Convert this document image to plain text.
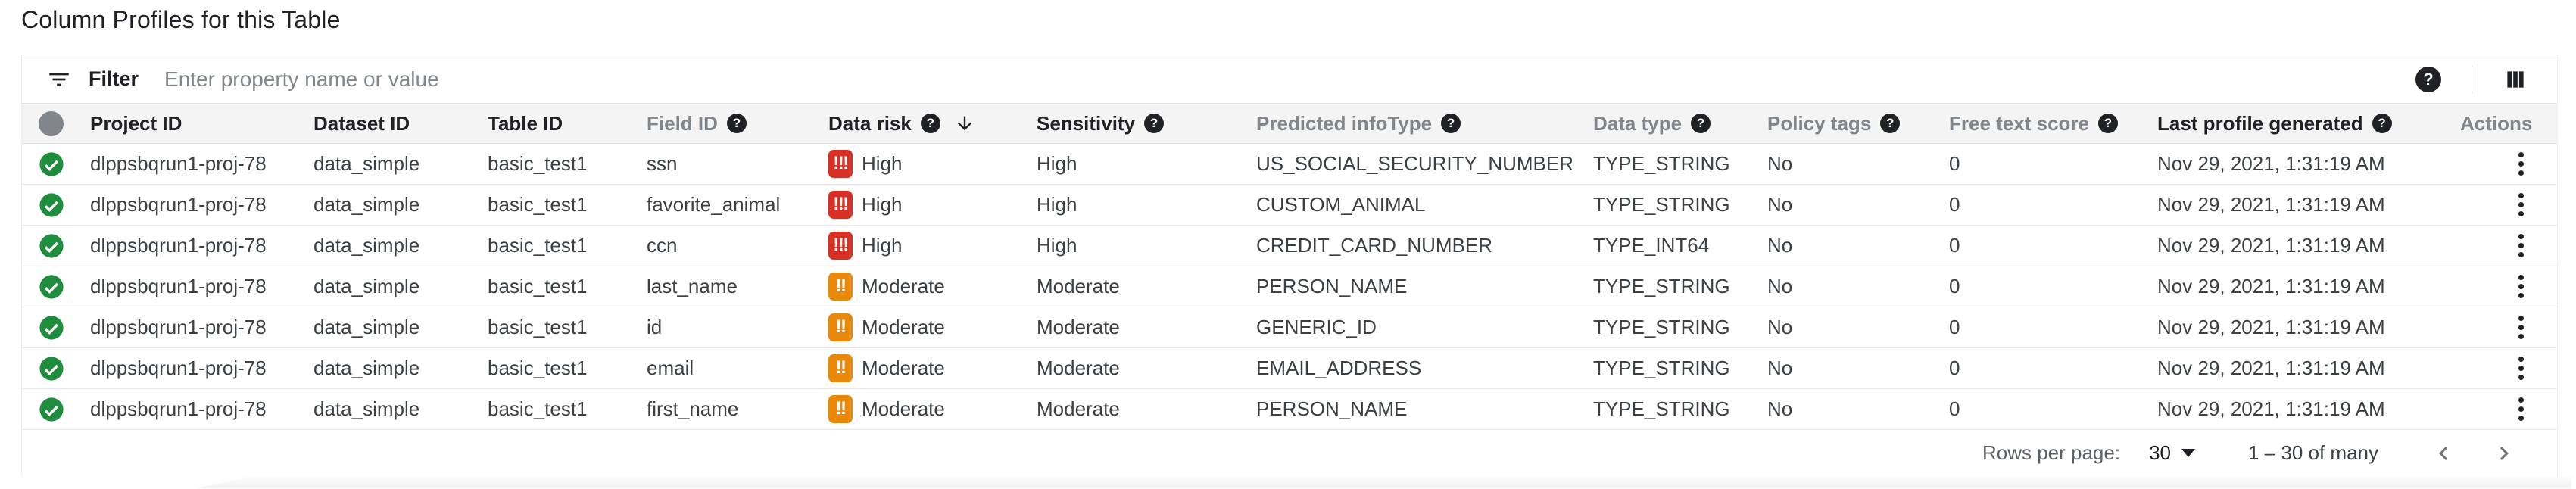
Column Profiles for this Table
Filter
Enter property name or value	?
Project ID	Dataset ID	Table ID	Field ID	?	Data risk	?	Sensitivity	?	Predicted infoType	?	Data type	?	Policy tags	?	Free text score	?	Last profile generated	?	Actions
dlppsbqrun1-proj-78	data_simple	basic_test1	ssn	!!! High	High	US_SOCIAL_SECURITY_NUMBER	TYPE_STRING	No	0	Nov 29, 2021, 1:31:19 AM
dlppsbqrun1-proj-78	data_simple	basic_test1	favorite_animal	!!! High	High	CUSTOM_ANIMAL	TYPE_STRING	No	0	Nov 29, 2021, 1:31:19 AM
dlppsbqrun1-proj-78	data_simple	basic_test1	ccn	!!! High	High	CREDIT_CARD_NUMBER	TYPE_INT64	No	0	Nov 29, 2021, 1:31:19 AM
dlppsbqrun1-proj-78	data_simple	basic_test1	last_name	!! Moderate	Moderate	PERSON_NAME	TYPE_STRING	No	0	Nov 29, 2021, 1:31:19 AM
dlppsbqrun1-proj-78	data_simple	basic_test1	id	!! Moderate	Moderate	GENERIC_ID	TYPE_STRING	No	0	Nov 29, 2021, 1:31:19 AM
dlppsbqrun1-proj-78	data_simple	basic_test1	email	!! Moderate	Moderate	EMAIL_ADDRESS	TYPE_STRING	No	0	Nov 29, 2021, 1:31:19 AM
dlppsbqrun1-proj-78	data_simple	basic_test1	first_name	!! Moderate	Moderate	PERSON_NAME	TYPE_STRING	No	0	Nov 29, 2021, 1:31:19 AM
Rows per page: 30	1 – 30 of many
